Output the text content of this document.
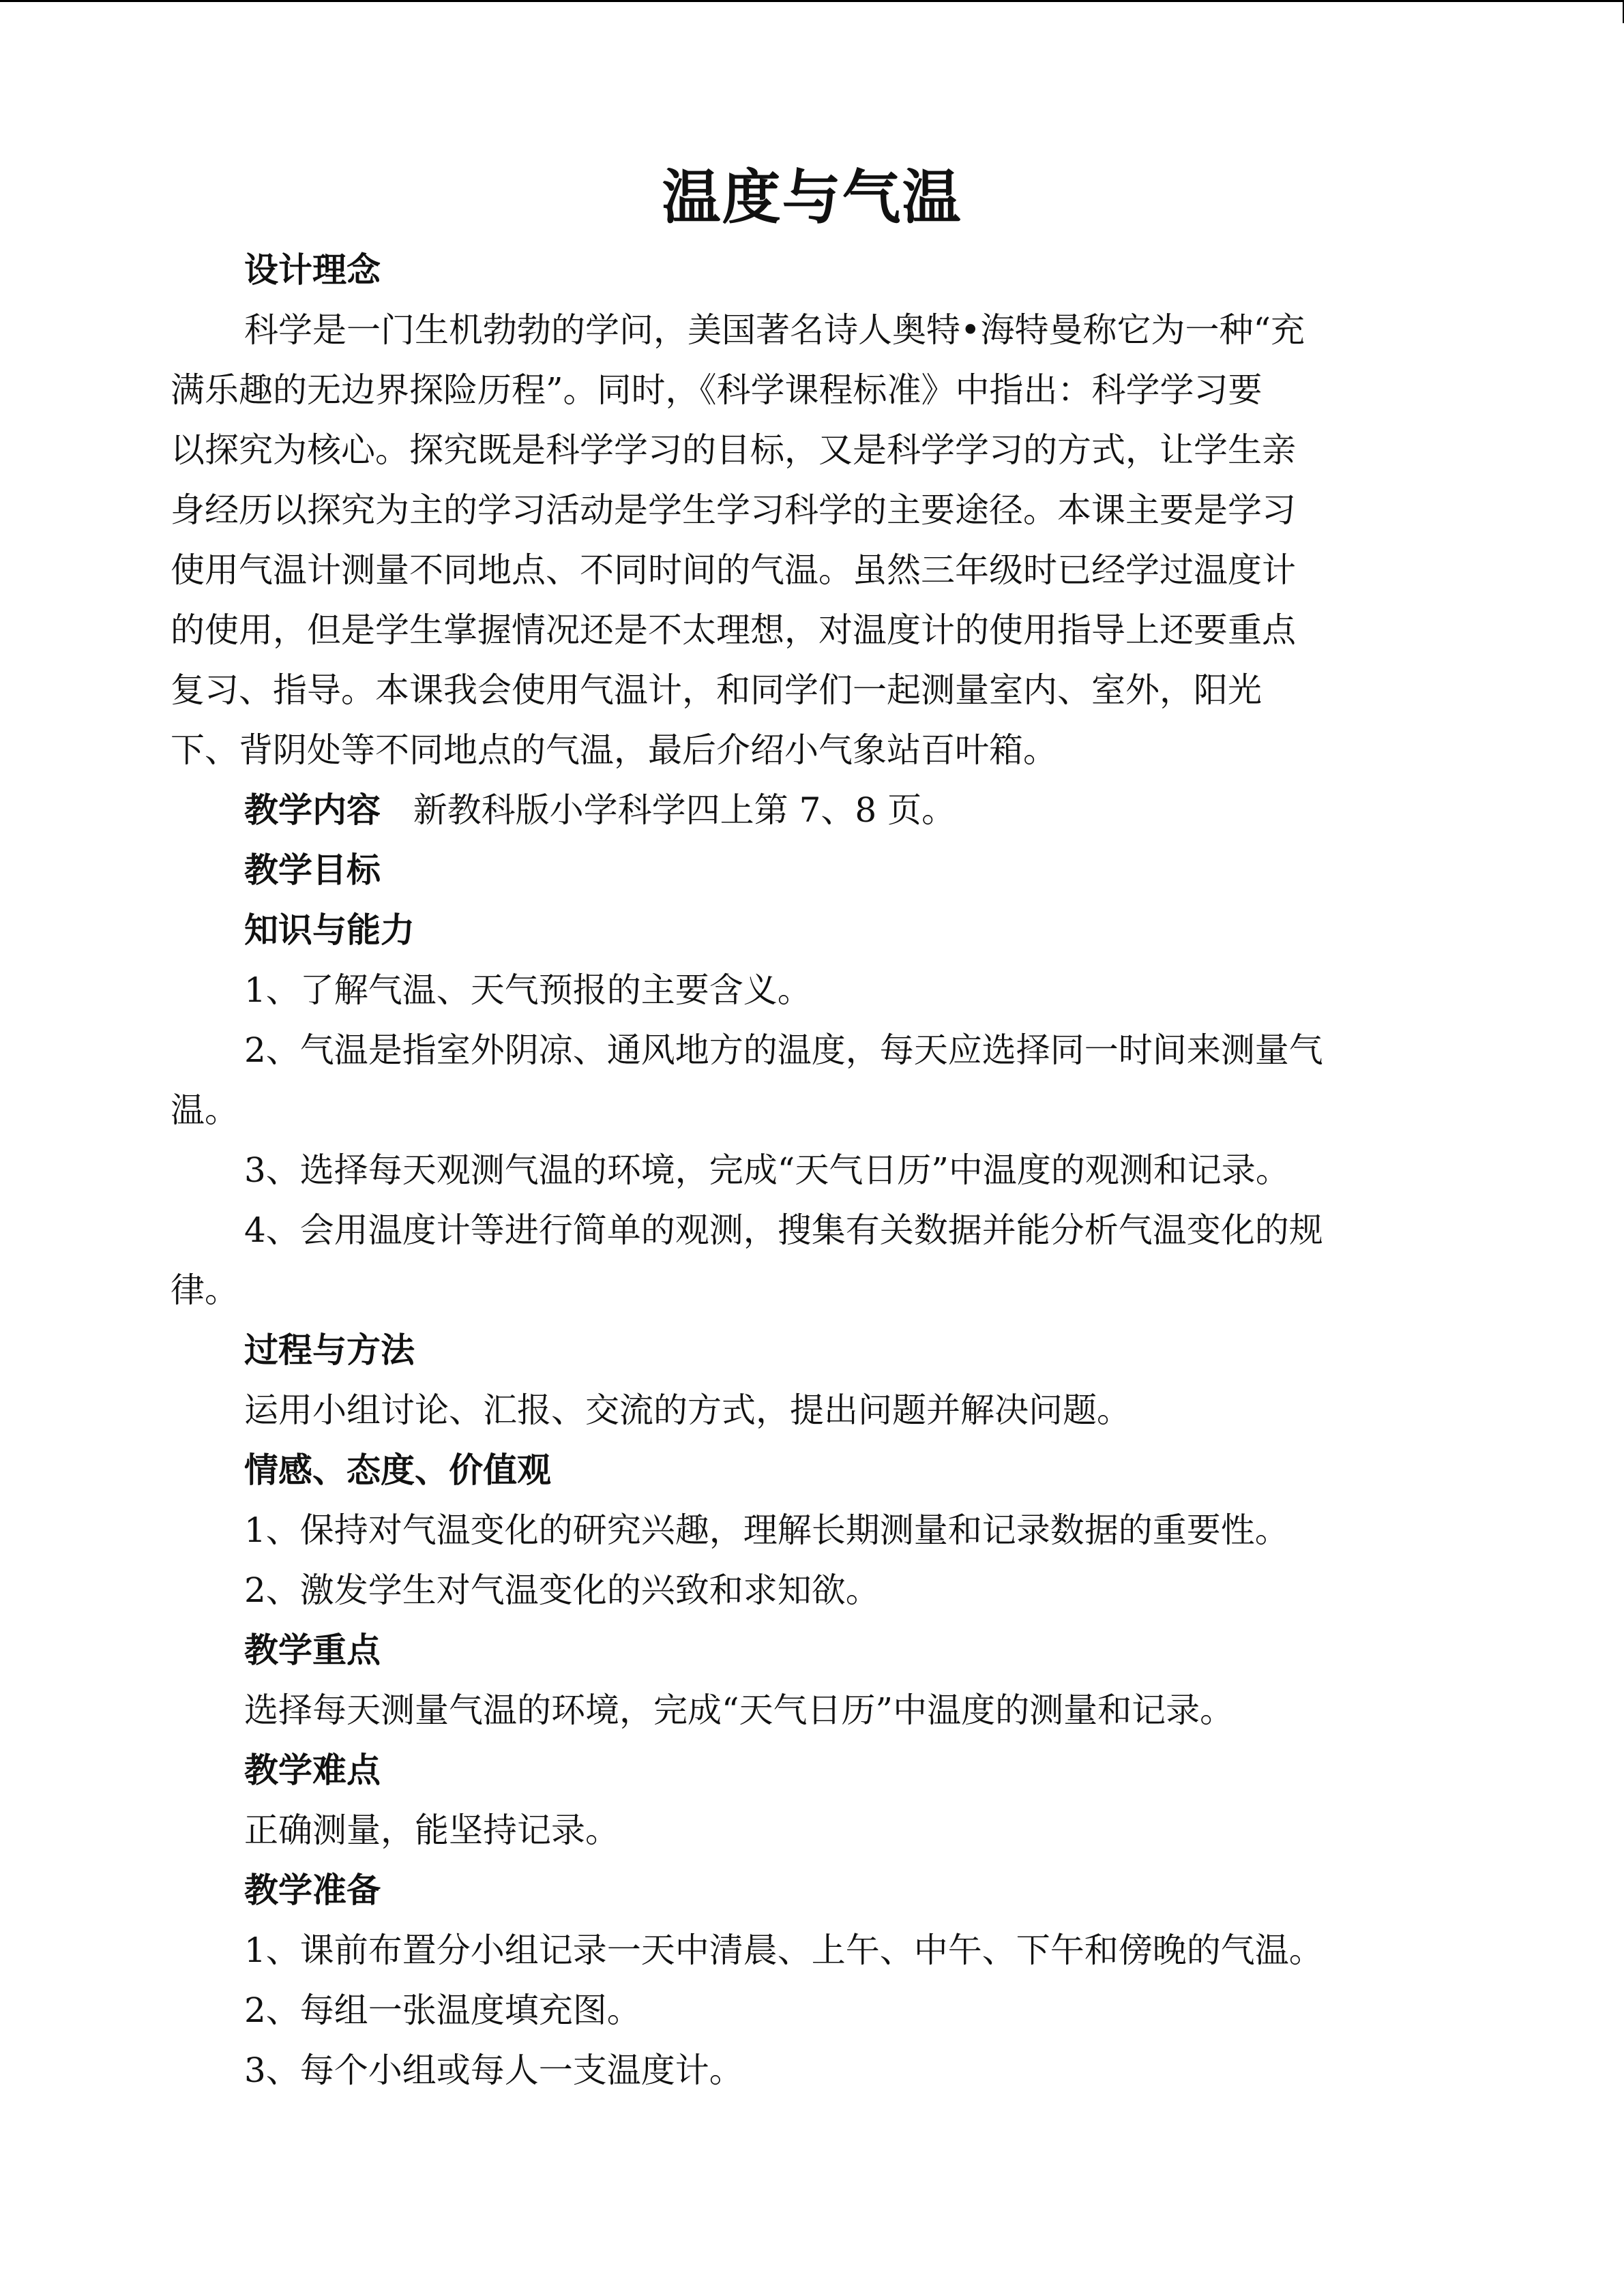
温度与气温

设计理念

科学是一门生机勃勃的学问，美国著名诗人奥特•海特曼称它为一种“充

满乐趣的无边界探险历程”。同时，《科学课程标准》中指出：科学学习要

以探究为核心。探究既是科学学习的目标，又是科学学习的方式，让学生亲

身经历以探究为主的学习活动是学生学习科学的主要途径。本课主要是学习

使用气温计测量不同地点、不同时间的气温。虽然三年级时已经学过温度计

的使用，但是学生掌握情况还是不太理想，对温度计的使用指导上还要重点

复习、指导。本课我会使用气温计，和同学们一起测量室内、室外，阳光

下、背阴处等不同地点的气温，最后介绍小气象站百叶箱。

教学内容 新教科版小学科学四上第 7、8 页。

教学目标

知识与能力

1、了解气温、天气预报的主要含义。

2、气温是指室外阴凉、通风地方的温度，每天应选择同一时间来测量气

温。

3、选择每天观测气温的环境，完成“天气日历”中温度的观测和记录。

4、会用温度计等进行简单的观测，搜集有关数据并能分析气温变化的规

律。

过程与方法

运用小组讨论、汇报、交流的方式，提出问题并解决问题。

情感、态度、价值观

1、保持对气温变化的研究兴趣，理解长期测量和记录数据的重要性。

2、激发学生对气温变化的兴致和求知欲。

教学重点

选择每天测量气温的环境，完成“天气日历”中温度的测量和记录。

教学难点

正确测量，能坚持记录。

教学准备

1、课前布置分小组记录一天中清晨、上午、中午、下午和傍晚的气温。

2、每组一张温度填充图。

3、每个小组或每人一支温度计。
